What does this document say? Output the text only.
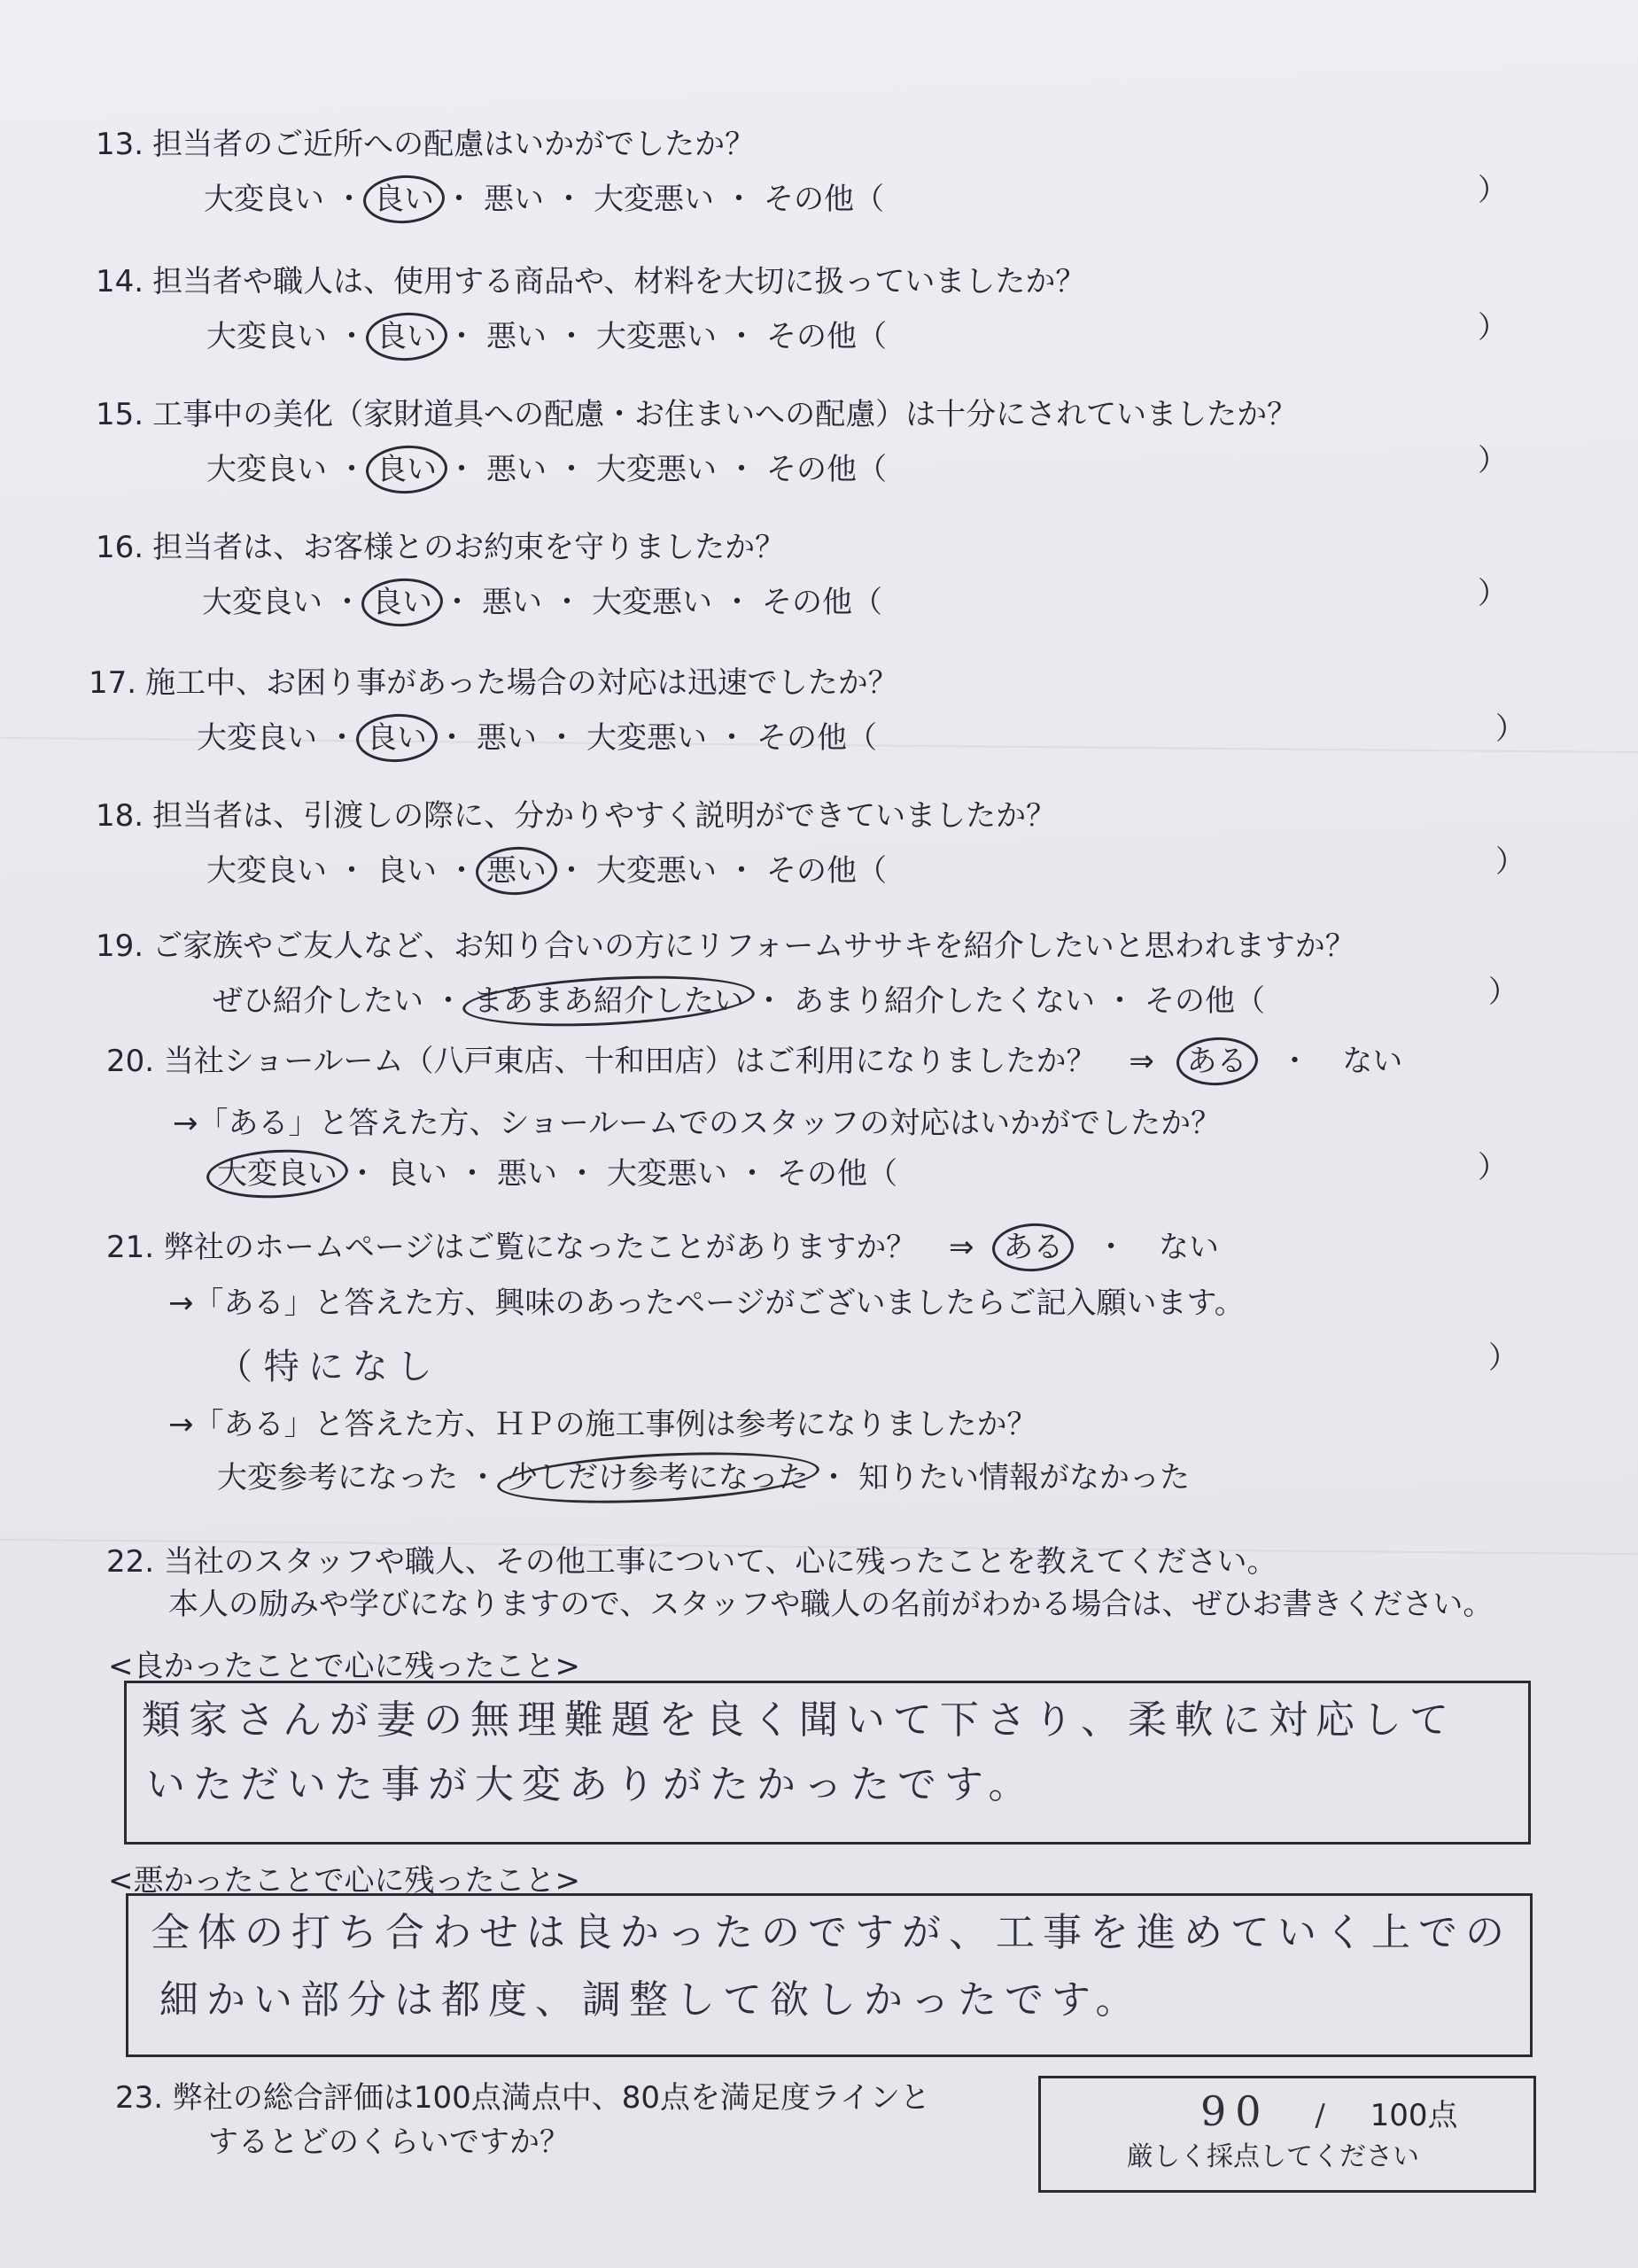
13. 担当者のご近所への配慮はいかがでしたか？
大変良い ・ 良い ・ 悪い ・ 大変悪い ・ その他（	）
14. 担当者や職人は、使用する商品や、材料を大切に扱っていましたか？
大変良い ・ 良い ・ 悪い ・ 大変悪い ・ その他（	）
15. 工事中の美化（家財道具への配慮・お住まいへの配慮）は十分にされていましたか？
大変良い ・ 良い ・ 悪い ・ 大変悪い ・ その他（	）
16. 担当者は、お客様とのお約束を守りましたか？
大変良い ・ 良い ・ 悪い ・ 大変悪い ・ その他（	）
17. 施工中、お困り事があった場合の対応は迅速でしたか？
大変良い ・ 良い ・ 悪い ・ 大変悪い ・ その他（	）
18. 担当者は、引渡しの際に、分かりやすく説明ができていましたか？
大変良い ・ 良い ・ 悪い ・ 大変悪い ・ その他（	）
19. ご家族やご友人など、お知り合いの方にリフォームササキを紹介したいと思われますか？
ぜひ紹介したい ・ まあまあ紹介したい ・ あまり紹介したくない ・ その他（	）
20. 当社ショールーム（八戸東店、十和田店）はご利用になりましたか？ ⇒ ある ・ ない
→「ある」と答えた方、ショールームでのスタッフの対応はいかがでしたか？
大変良い ・ 良い ・ 悪い ・ 大変悪い ・ その他（	）
21. 弊社のホームページはご覧になったことがありますか？ ⇒ ある ・ ない
→「ある」と答えた方、興味のあったページがございましたらご記入願います。
（ 特になし	）
→「ある」と答えた方、ＨＰの施工事例は参考になりましたか？
大変参考になった ・ 少しだけ参考になった ・ 知りたい情報がなかった
22. 当社のスタッフや職人、その他工事について、心に残ったことを教えてください。
本人の励みや学びになりますので、スタッフや職人の名前がわかる場合は、ぜひお書きください。
<良かったことで心に残ったこと>
類家さんが妻の無理難題を良く聞いて下さり、柔軟に対応して
いただいた事が大変ありがたかったです。
<悪かったことで心に残ったこと>
全体の打ち合わせは良かったのですが、工事を進めていく上での
細かい部分は都度、調整して欲しかったです。
23. 弊社の総合評価は100点満点中、80点を満足度ラインと
するとどのくらいですか？
90 / 100点
厳しく採点してください
